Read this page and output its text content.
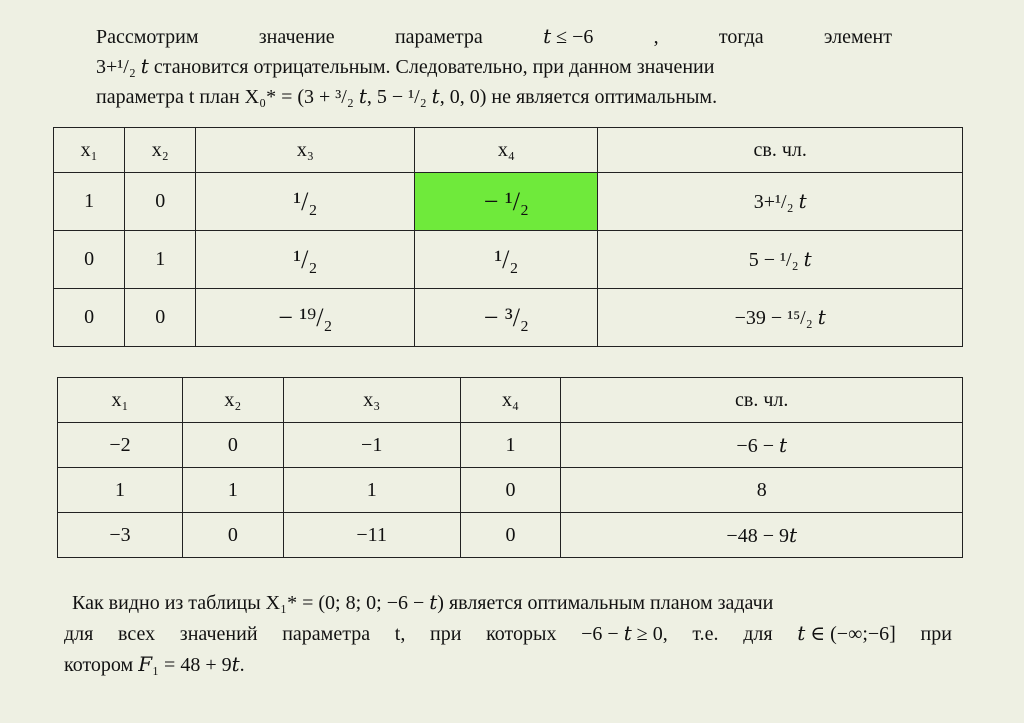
Рассмотрим	значение	параметра	𝑡 ≤ −6	,	тогда	элемент
3+¹/₂ 𝑡 становится отрицательным. Следовательно, при данном значении
параметра t план X₀* = (3 + ³/₂ 𝑡, 5 − ¹/₂ 𝑡, 0, 0) не является оптимальным.
x₁	x₂	x₃	x₄	св. чл.
1	0	¹/₂	− ¹/₂	3+¹/₂ 𝑡
0	1	¹/₂	¹/₂	5 − ¹/₂ 𝑡
0	0	− ¹⁹/₂	− ³/₂	−39 − ¹⁵/₂ 𝑡
x₁	x₂	x₃	x₄	св. чл.
−2	0	−1	1	−6 − 𝑡
1	1	1	0	8
−3	0	−11	0	−48 − 9𝑡
Как видно из таблицы X₁* = (0; 8; 0; −6 − 𝑡) является оптимальным планом задачи
для всех значений параметра t, при которых −6 − 𝑡 ≥ 0, т.е. для 𝑡 ∈ (−∞;−6] при
котором 𝐹₁ = 48 + 9𝑡.
